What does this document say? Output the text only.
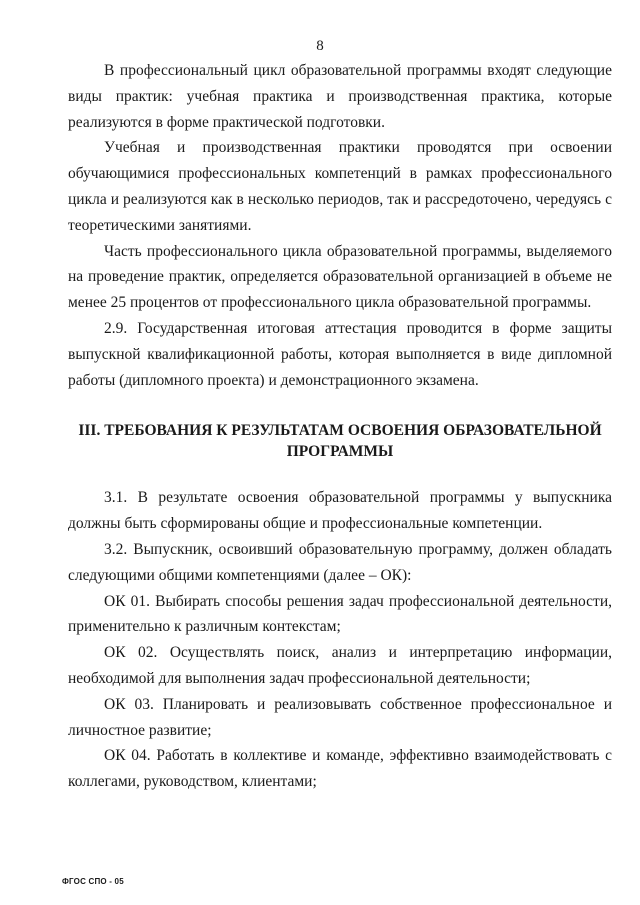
8

В профессиональный цикл образовательной программы входят следующие виды практик: учебная практика и производственная практика, которые реализуются в форме практической подготовки.

Учебная и производственная практики проводятся при освоении обучающимися профессиональных компетенций в рамках профессионального цикла и реализуются как в несколько периодов, так и рассредоточено, чередуясь с теоретическими занятиями.

Часть профессионального цикла образовательной программы, выделяемого на проведение практик, определяется образовательной организацией в объеме не менее 25 процентов от профессионального цикла образовательной программы.

2.9. Государственная итоговая аттестация проводится в форме защиты выпускной квалификационной работы, которая выполняется в виде дипломной работы (дипломного проекта) и демонстрационного экзамена.

III. ТРЕБОВАНИЯ К РЕЗУЛЬТАТАМ ОСВОЕНИЯ ОБРАЗОВАТЕЛЬНОЙ
ПРОГРАММЫ

3.1. В результате освоения образовательной программы у выпускника должны быть сформированы общие и профессиональные компетенции.

3.2. Выпускник, освоивший образовательную программу, должен обладать следующими общими компетенциями (далее – ОК):

ОК 01. Выбирать способы решения задач профессиональной деятельности, применительно к различным контекстам;

ОК 02. Осуществлять поиск, анализ и интерпретацию информации, необходимой для выполнения задач профессиональной деятельности;

ОК 03. Планировать и реализовывать собственное профессиональное и личностное развитие;

ОК 04. Работать в коллективе и команде, эффективно взаимодействовать с коллегами, руководством, клиентами;

ФГОС СПО - 05
